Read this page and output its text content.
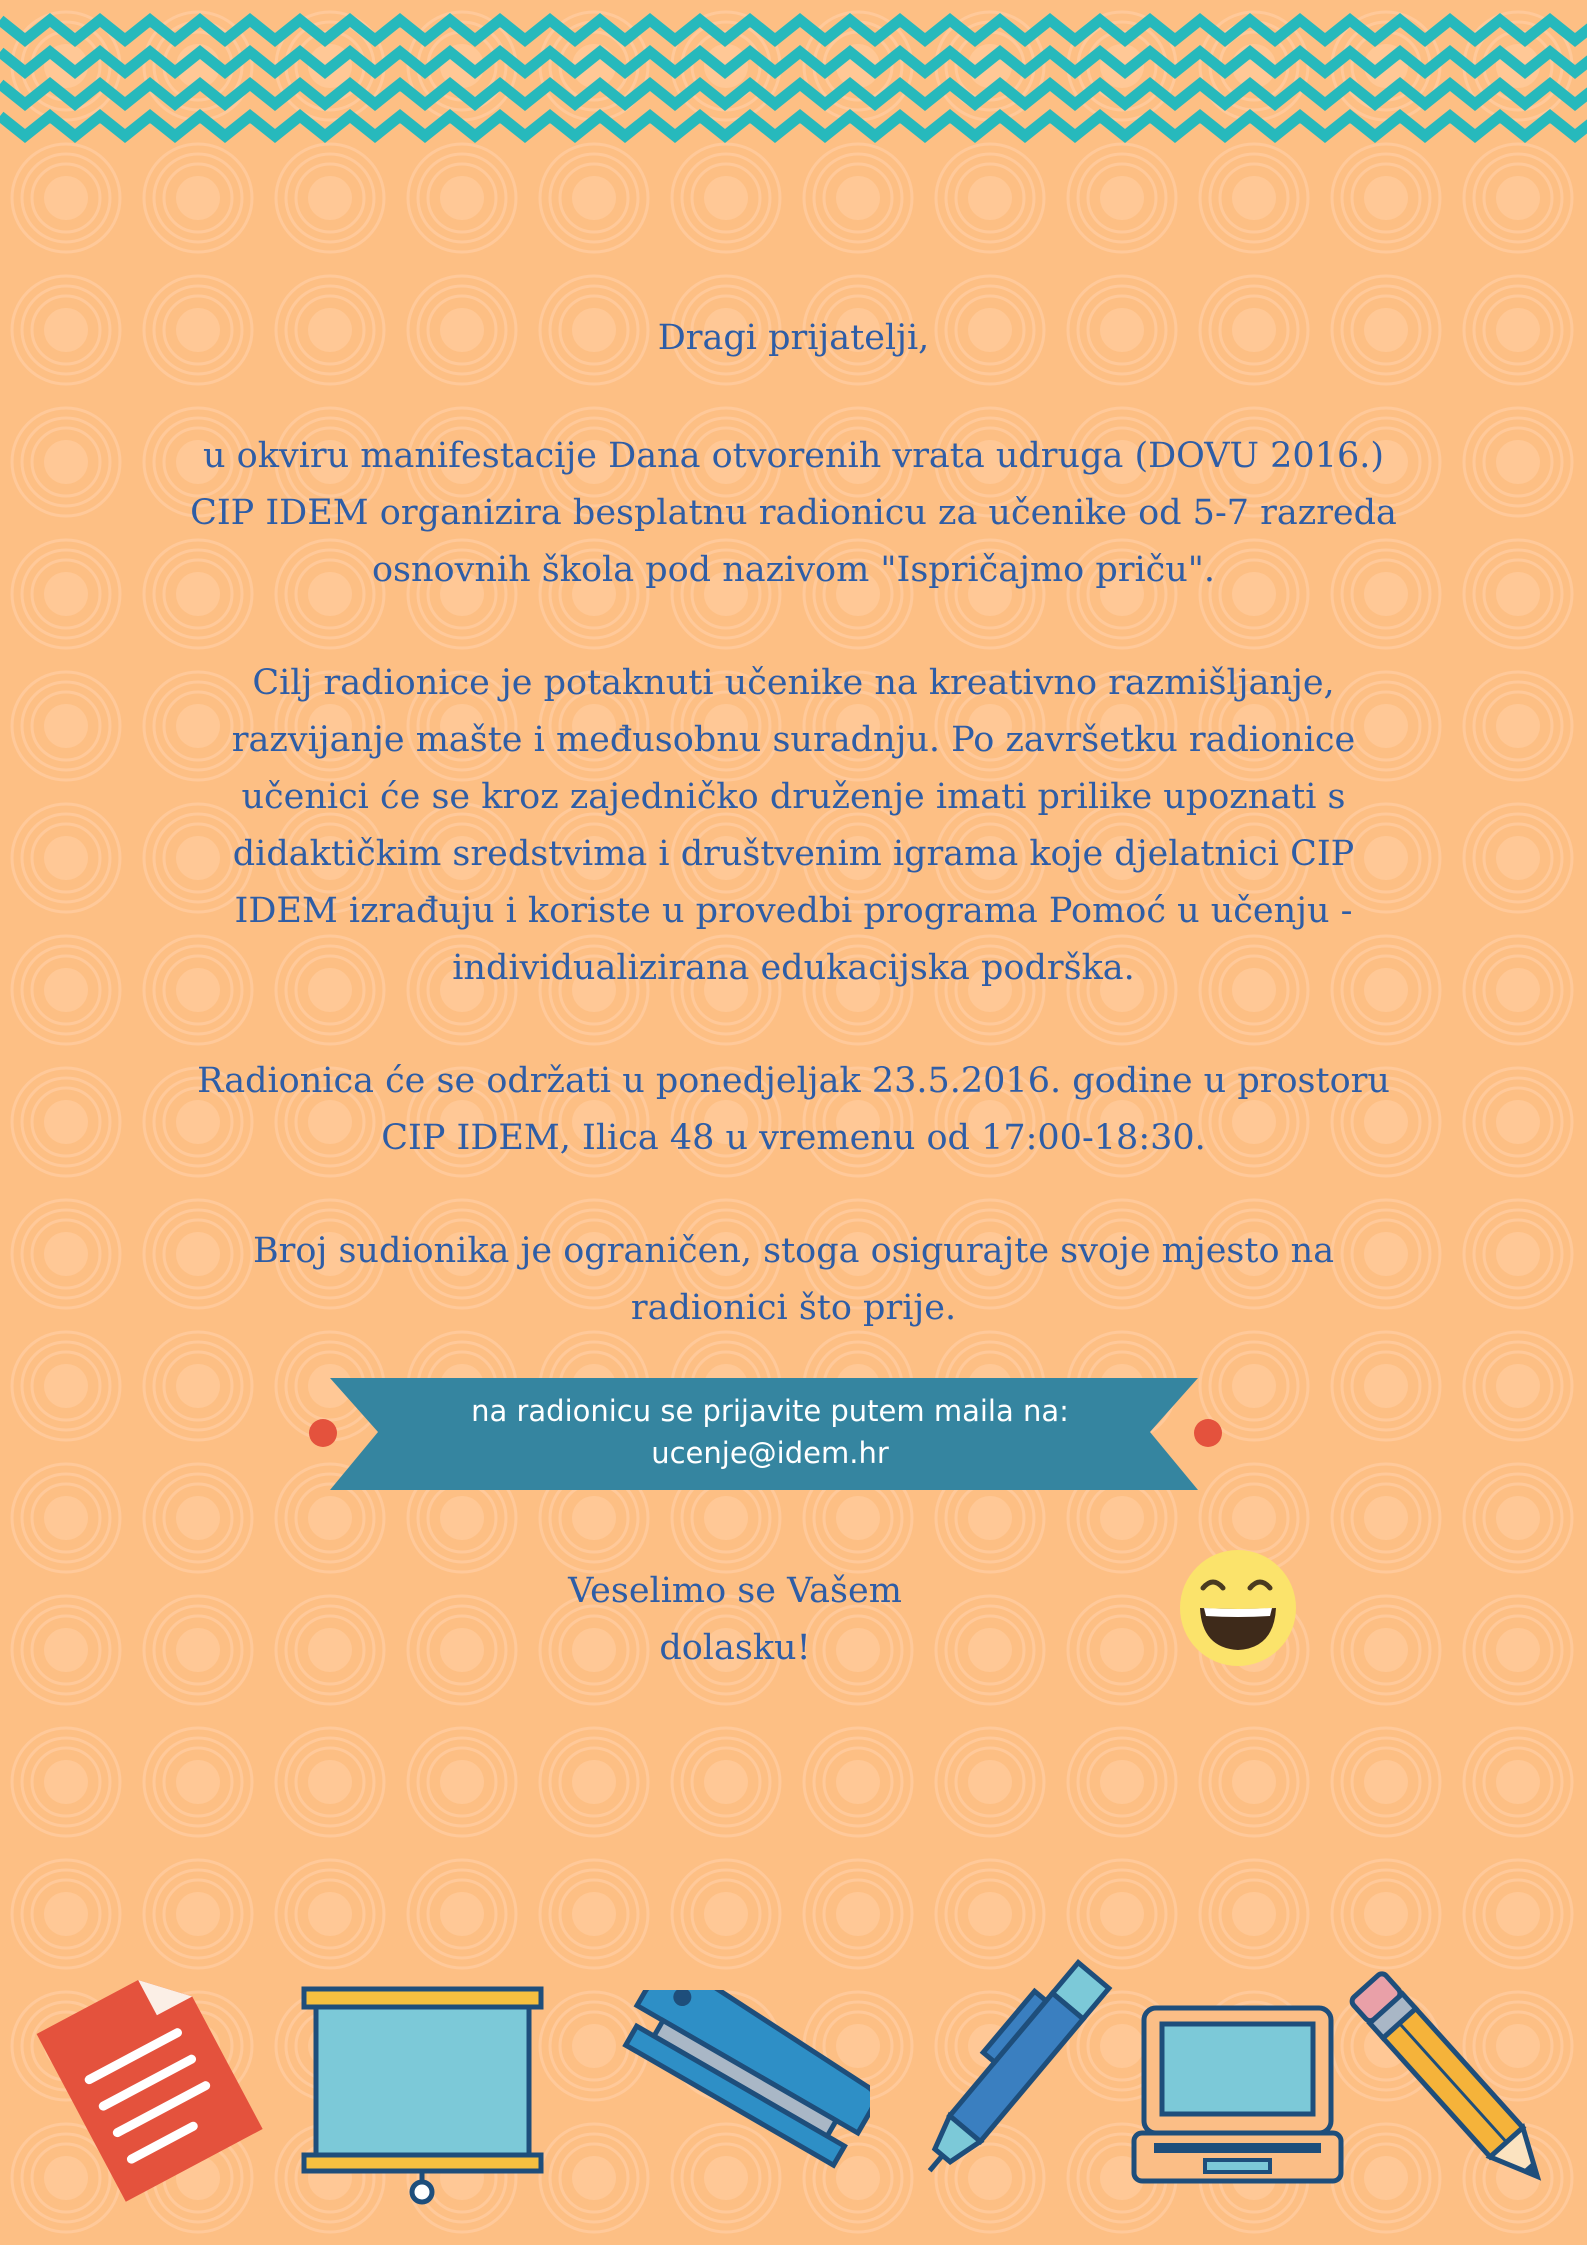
Dragi prijatelji,

u okviru manifestacije Dana otvorenih vrata udruga (DOVU 2016.)
CIP IDEM organizira besplatnu radionicu za učenike od 5-7 razreda
osnovnih škola pod nazivom "Ispričajmo priču".

Cilj radionice je potaknuti učenike na kreativno razmišljanje,
razvijanje mašte i međusobnu suradnju. Po završetku radionice
učenici će se kroz zajedničko druženje imati prilike upoznati s
didaktičkim sredstvima i društvenim igrama koje djelatnici CIP
IDEM izrađuju i koriste u provedbi programa Pomoć u učenju -
individualizirana edukacijska podrška.

Radionica će se održati u ponedjeljak 23.5.2016. godine u prostoru
CIP IDEM, Ilica 48 u vremenu od 17:00-18:30.

Broj sudionika je ograničen, stoga osigurajte svoje mjesto na
radionici što prije.

na radionicu se prijavite putem maila na:
ucenje@idem.hr

Veselimo se Vašem dolasku!
